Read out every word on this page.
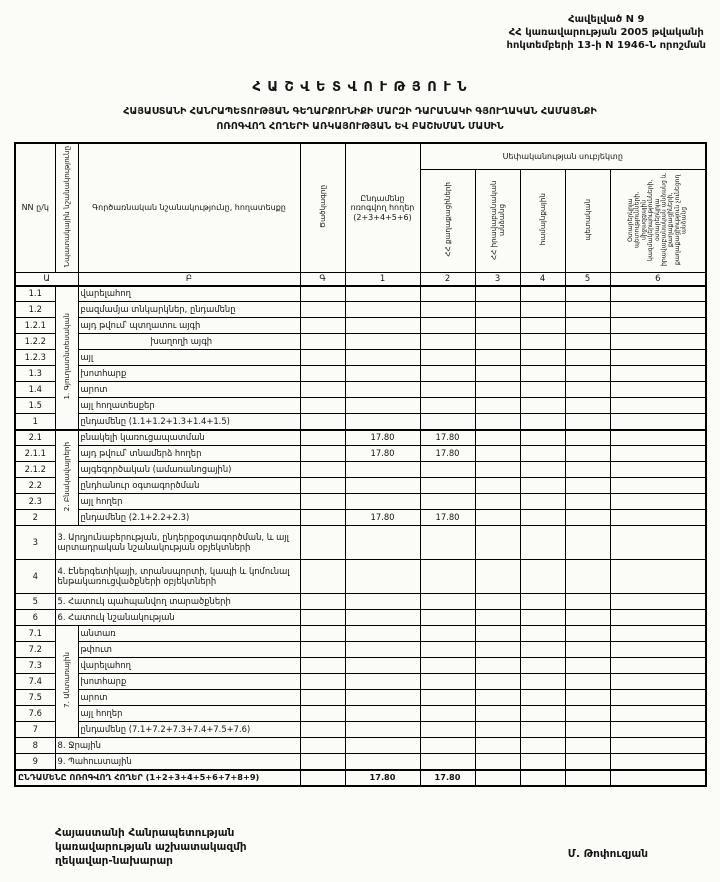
Հավելված N 9
ՀՀ կառավարության 2005 թվականի
հոկտեմբերի 13-ի N 1946-Ն որոշման
Հ Ա Շ Վ Ե Տ Վ Ո Ւ Թ Յ Ո Ւ Ն
ՀԱՅԱՍՏԱՆԻ ՀԱՆՐԱՊԵՏՈՒԹՅԱՆ ԳԵՂԱՐՔՈՒՆԻՔԻ ՄԱՐԶԻ ԴԱՐԱՆԱԿԻ ԳՅՈՒՂԱԿԱՆ ՀԱՄԱՅՆՔԻ
ՈՌՈԳՎՈՂ ՀՈՂԵՐԻ ԱՌԿԱՅՈՒԹՅԱՆ ԵՎ ԲԱՇԽՄԱՆ ՄԱՍԻՆ
NN ը/կ	Նպատակային նշանակությունը	Գործառնական նշանակությունը, հողատեսքը	Ծածկագրը	Ընդամենը ոռոգվող հողեր (2+3+4+5+6)	Սեփականության սուբյեկտը				
					ՀՀ քաղաքացիների	ՀՀ իրավաբանական անձանց	համայնքային	պետական	Օտարերկրյա պետությունների, միջազգային կազմակերպությունների, օտարերկրյա իրավաբանական անձանց և քաղաքացիների, քաղաքացիություն չունեցող անձանց
Ա		Բ	Գ	1	2	3	4	5	6
1.1	1. Գյուղատնտեսական	վարելահող							
1.2		բազմամյա տնկարկներ, ընդամենը							
1.2.1		այդ թվում՝ պտղատու այգի							
1.2.2		խաղողի այգի							
1.2.3		այլ							
1.3		խոտհարք							
1.4		արոտ							
1.5		այլ հողատեսքեր							
1		ընդամենը (1.1+1.2+1.3+1.4+1.5)							
2.1	2. Բնակավայրերի	բնակելի կառուցապատման		17.80	17.80				
2.1.1		այդ թվում՝ տնամերձ հողեր		17.80	17.80				
2.1.2		այգեգործական (ամառանոցային)							
2.2		ընդհանուր օգտագործման							
2.3		այլ հողեր							
2		ընդամենը (2.1+2.2+2.3)		17.80	17.80				
3	3. Արդյունաբերության, ընդերքօգտագործման, և այլ արտադրական նշանակության օբյեկտների								
4	4. Էներգետիկայի, տրանսպորտի, կապի և կոմունալ ենթակառուցվածքների օբյեկտների								
5	5. Հատուկ պահպանվող տարածքների								
6	6. Հատուկ նշանակության								
7.1	7. Անտառային	անտառ							
7.2		թփուտ							
7.3		վարելահող							
7.4		խոտհարք							
7.5		արոտ							
7.6		այլ հողեր							
7		ընդամենը (7.1+7.2+7.3+7.4+7.5+7.6)							
8	8. Ջրային								
9	9. Պահուստային								
ԸՆԴԱՄԵՆԸ ՈՌՈԳՎՈՂ ՀՈՂԵՐ (1+2+3+4+5+6+7+8+9)				17.80	17.80				
Հայաստանի Հանրապետության
կառավարության աշխատակազմի
ղեկավար-նախարար
Մ. Թոփուզյան
